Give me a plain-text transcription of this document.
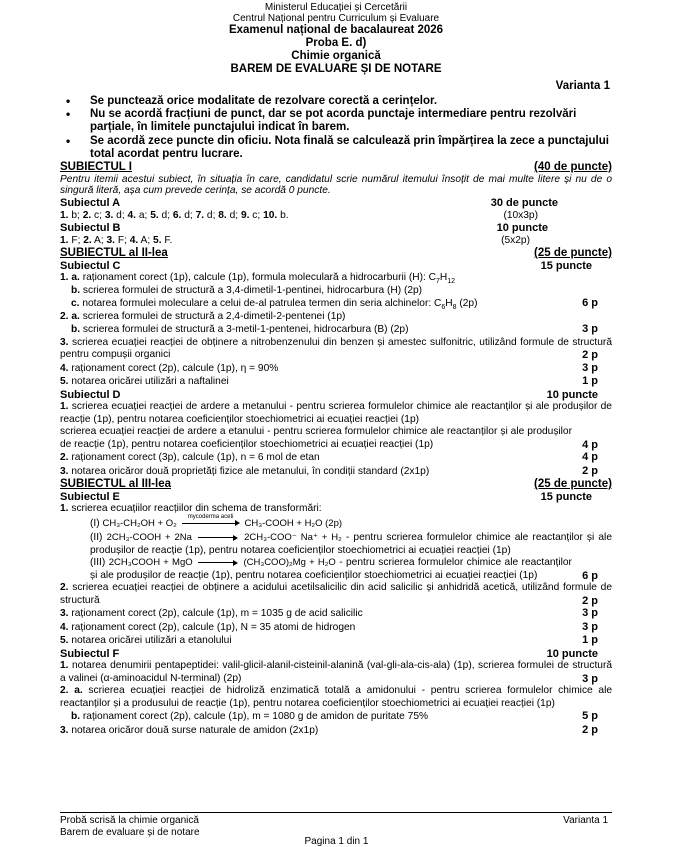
Ministerul Educației și Cercetării
Centrul Național pentru Curriculum și Evaluare
Examenul național de bacalaureat 2026
Proba E. d)
Chimie organică
BAREM DE EVALUARE ȘI DE NOTARE
Varianta 1
• Se punctează orice modalitate de rezolvare corectă a cerințelor.
• Nu se acordă fracțiuni de punct, dar se pot acorda punctaje intermediare pentru rezolvări parțiale, în limitele punctajului indicat în barem.
• Se acordă zece puncte din oficiu. Nota finală se calculează prin împărțirea la zece a punctajului total acordat pentru lucrare.
SUBIECTUL I	(40 de puncte)
Pentru itemii acestui subiect, în situația în care, candidatul scrie numărul itemului însoțit de mai multe litere și nu de o singură literă, așa cum prevede cerința, se acordă 0 puncte.
Subiectul A	30 de puncte
1. b; 2. c; 3. d; 4. a; 5. d; 6. d; 7. d; 8. d; 9. c; 10. b.	(10x3p)
Subiectul B	10 puncte
1. F; 2. A; 3. F; 4. A; 5. F.	(5x2p)
SUBIECTUL al II-lea	(25 de puncte)
Subiectul C	15 puncte
1. a. raționament corect (1p), calcule (1p), formula moleculară a hidrocarburii (H): $C_7H_{12}$
b. scrierea formulei de structură a 3,4-dimetil-1-pentinei, hidrocarbura (H) (2p)
c. notarea formulei moleculare a celui de-al patrulea termen din seria alchinelor: $C_6H_8$ (2p)	6 p
2. a. scrierea formulei de structură a 2,4-dimetil-2-pentenei (1p)
b. scrierea formulei de structură a 3-metil-1-pentenei, hidrocarbura (B) (2p)	3 p
3. scrierea ecuației reacției de obținere a nitrobenzenului din benzen și amestec sulfonitric, utilizând formule de structură pentru compușii organici	2 p
4. raționament corect (2p), calcule (1p), η = 90%	3 p
5. notarea oricărei utilizări a naftalinei	1 p
Subiectul D	10 puncte
1. scrierea ecuației reacției de ardere a metanului - pentru scrierea formulelor chimice ale reactanților și ale produșilor de reacție (1p), pentru notarea coeficienților stoechiometrici ai ecuației reacției (1p)
scrierea ecuației reacției de ardere a etanului - pentru scrierea formulelor chimice ale reactanților și ale produșilor de reacție (1p), pentru notarea coeficienților stoechiometrici ai ecuației reacției (1p)	4 p
2. raționament corect (3p), calcule (1p), n = 6 mol de etan	4 p
3. notarea oricăror două proprietăți fizice ale metanului, în condiții standard (2x1p)	2 p
SUBIECTUL al III-lea	(25 de puncte)
Subiectul E	15 puncte
1. scrierea ecuațiilor reacțiilor din schema de transformări:
(I) CH₃-CH₂OH + O₂
mycoderma aceti
CH₃-COOH + H₂O (2p)
(II) 2CH₃-COOH + 2Na	2CH₃-COO⁻ Na⁺ + H₂ - pentru scrierea formulelor chimice ale reactanților și ale produșilor de reacție (1p), pentru notarea coeficienților stoechiometrici ai ecuației reacției (1p)
(III) 2CH₃COOH + MgO	(CH₃COO)₂Mg + H₂O - pentru scrierea formulelor chimice ale reactanților și ale produșilor de reacție (1p), pentru notarea coeficienților stoechiometrici ai ecuației reacției (1p)	6 p
2. scrierea ecuației reacției de obținere a acidului acetilsalicilic din acid salicilic și anhidridă acetică, utilizând formule de structură	2 p
3. raționament corect (2p), calcule (1p), m = 1035 g de acid salicilic	3 p
4. raționament corect (2p), calcule (1p), N = 35 atomi de hidrogen	3 p
5. notarea oricărei utilizări a etanolului	1 p
Subiectul F	10 puncte
1. notarea denumirii pentapeptidei: valil-glicil-alanil-cisteinil-alanină (val-gli-ala-cis-ala) (1p), scrierea formulei de structură a valinei (α-aminoacidul N-terminal) (2p)	3 p
2. a. scrierea ecuației reacției de hidroliză enzimatică totală a amidonului - pentru scrierea formulelor chimice ale reactanților și a produsului de reacție (1p), pentru notarea coeficienților stoechiometrici ai ecuației reacției (1p)
b. raționament corect (2p), calcule (1p), m = 1080 g de amidon de puritate 75%	5 p
3. notarea oricăror două surse naturale de amidon (2x1p)	2 p
Probă scrisă la chimie organică	Varianta 1
Barem de evaluare și de notare
Pagina 1 din 1
